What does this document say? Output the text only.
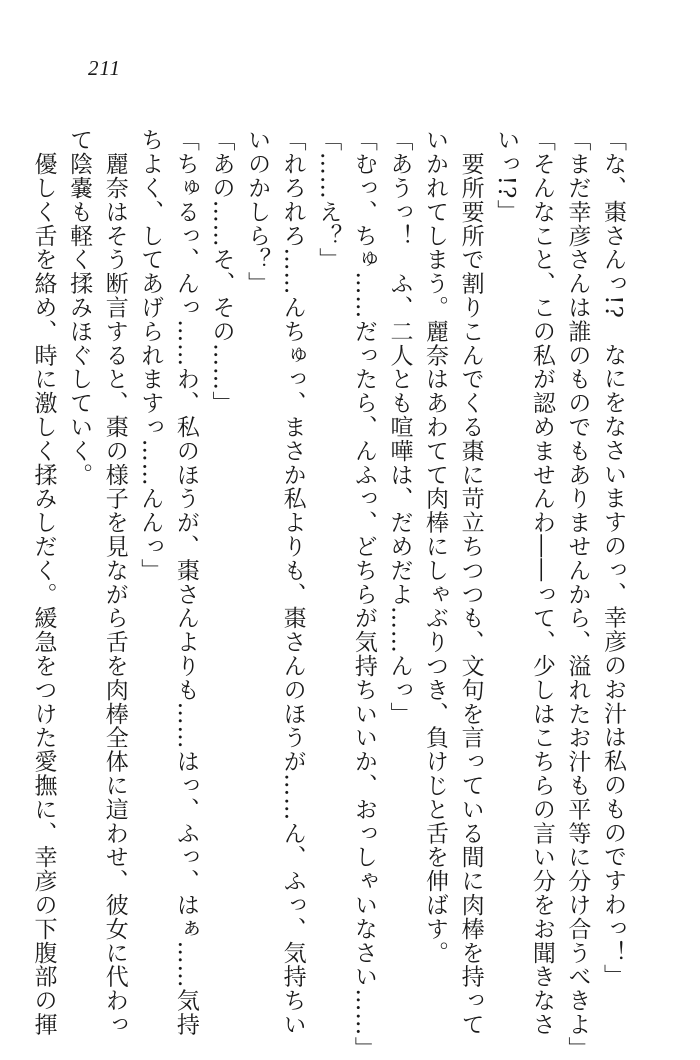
211
「な、棗さんっ!?　なにをなさいますのっ、幸彦のお汁は私のものですわっ！」
「まだ幸彦さんは誰のものでもありませんから、溢れたお汁も平等に分け合うべきよ」
「そんなこと、この私が認めませんわ――って、少しはこちらの言い分をお聞きなさ
いっ!?」
　要所要所で割りこんでくる棗に苛立ちつつも、文句を言っている間に肉棒を持って
いかれてしまう。麗奈はあわてて肉棒にしゃぶりつき、負けじと舌を伸ばす。
「あうっ！　ふ、二人とも喧嘩は、だめだよ……んっ」
「むっ、ちゅ……だったら、んふっ、どちらが気持ちいいか、おっしゃいなさい……」
「……え？」
「れろれろ……んちゅっ、まさか私よりも、棗さんのほうが……ん、ふっ、気持ちい
いのかしら？」
「あの……そ、その……」
「ちゅるっ、んっ……わ、私のほうが、棗さんよりも……はっ、ふっ、はぁ……気持
ちよく、してあげられますっ……んんっ」
　麗奈はそう断言すると、棗の様子を見ながら舌を肉棒全体に這わせ、彼女に代わっ
て陰嚢も軽く揉みほぐしていく。
　優しく舌を絡め、時に激しく揉みしだく。緩急をつけた愛撫に、幸彦の下腹部の揮
